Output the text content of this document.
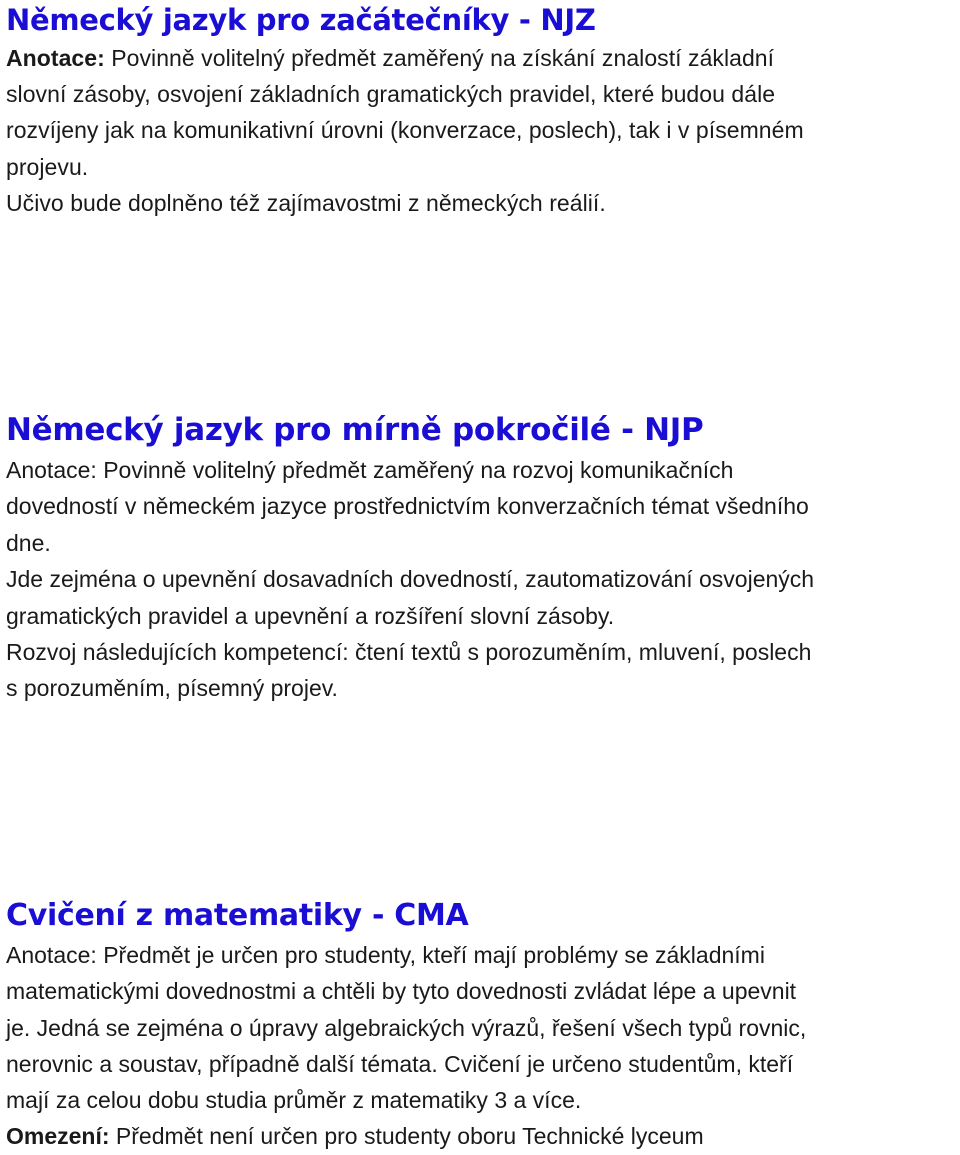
Německý jazyk pro začátečníky - NJZ

Anotace: Povinně volitelný předmět zaměřený na získání znalostí základní

slovní zásoby, osvojení základních gramatických pravidel, které budou dále

rozvíjeny jak na komunikativní úrovni (konverzace, poslech), tak i v písemném

projevu.

Učivo bude doplněno též zajímavostmi z německých reálií.

Německý jazyk pro mírně pokročilé - NJP

Anotace: Povinně volitelný předmět zaměřený na rozvoj komunikačních

dovedností v německém jazyce prostřednictvím konverzačních témat všedního

dne.

Jde zejména o upevnění dosavadních dovedností, zautomatizování osvojených

gramatických pravidel a upevnění a rozšíření slovní zásoby.

Rozvoj následujících kompetencí: čtení textů s porozuměním, mluvení, poslech

s porozuměním, písemný projev.

Cvičení z matematiky - CMA

Anotace: Předmět je určen pro studenty, kteří mají problémy se základními

matematickými dovednostmi a chtěli by tyto dovednosti zvládat lépe a upevnit

je. Jedná se zejména o úpravy algebraických výrazů, řešení všech typů rovnic,

nerovnic a soustav, případně další témata. Cvičení je určeno studentům, kteří

mají za celou dobu studia průměr z matematiky 3 a více.

Omezení: Předmět není určen pro studenty oboru Technické lyceum
